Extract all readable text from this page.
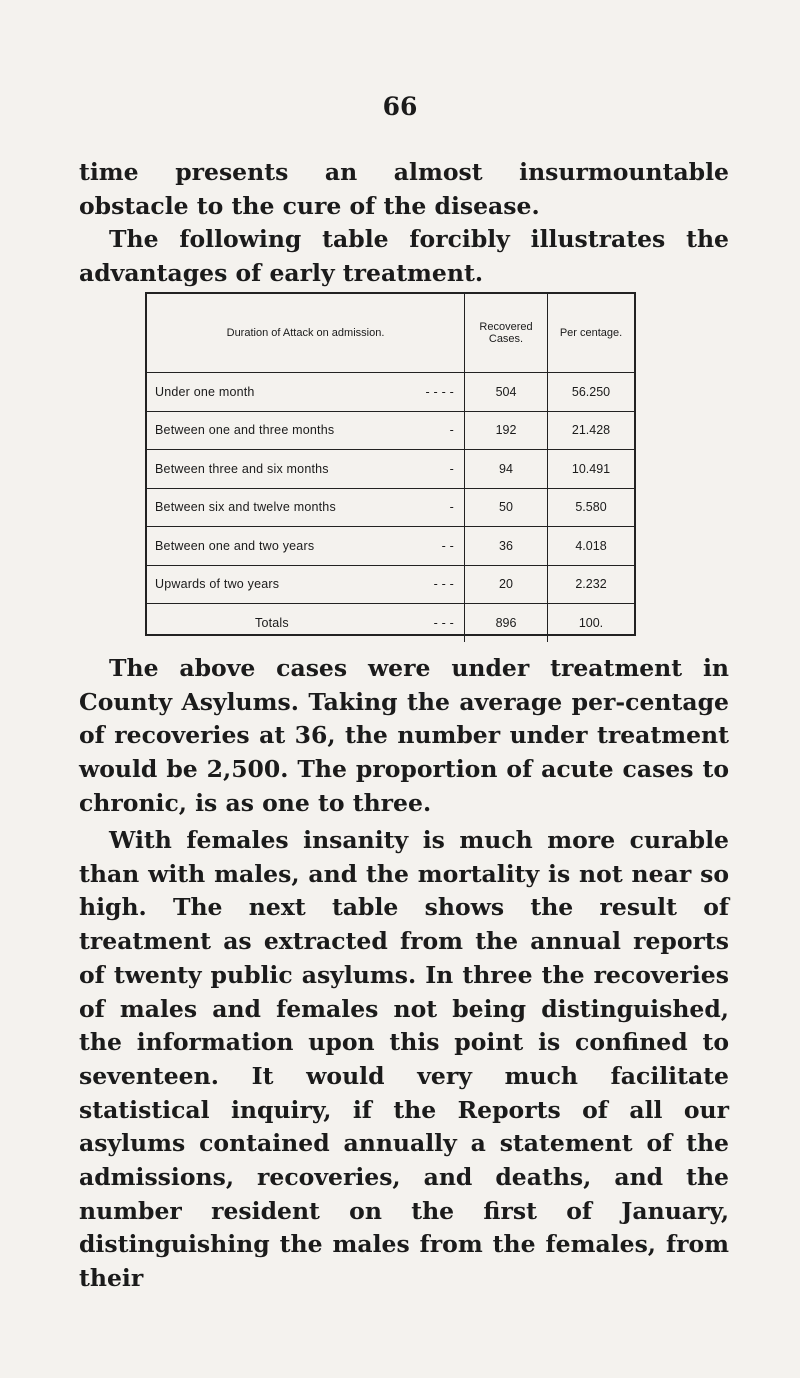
66

time presents an almost insurmountable obstacle to the cure of the disease.

The following table forcibly illustrates the advantages of early treatment.

Duration of Attack on admission.	Recovered Cases.	Per centage.

Under one month - - - -	504	56.250

Between one and three months -	192	21.428

Between three and six months -	94	10.491

Between six and twelve months -	50	5.580

Between one and two years - -	36	4.018

Upwards of two years - - -	20	2.232

Totals - - -	896	100.

The above cases were under treatment in County Asylums. Taking the average per-centage of recoveries at 36, the number under treatment would be 2,500. The proportion of acute cases to chronic, is as one to three.

With females insanity is much more curable than with males, and the mortality is not near so high. The next table shows the result of treatment as extracted from the annual reports of twenty public asylums. In three the recoveries of males and females not being distinguished, the information upon this point is confined to seventeen. It would very much facilitate statistical inquiry, if the Reports of all our asylums contained annually a statement of the admissions, recoveries, and deaths, and the number resident on the first of January, distinguishing the males from the females, from their
